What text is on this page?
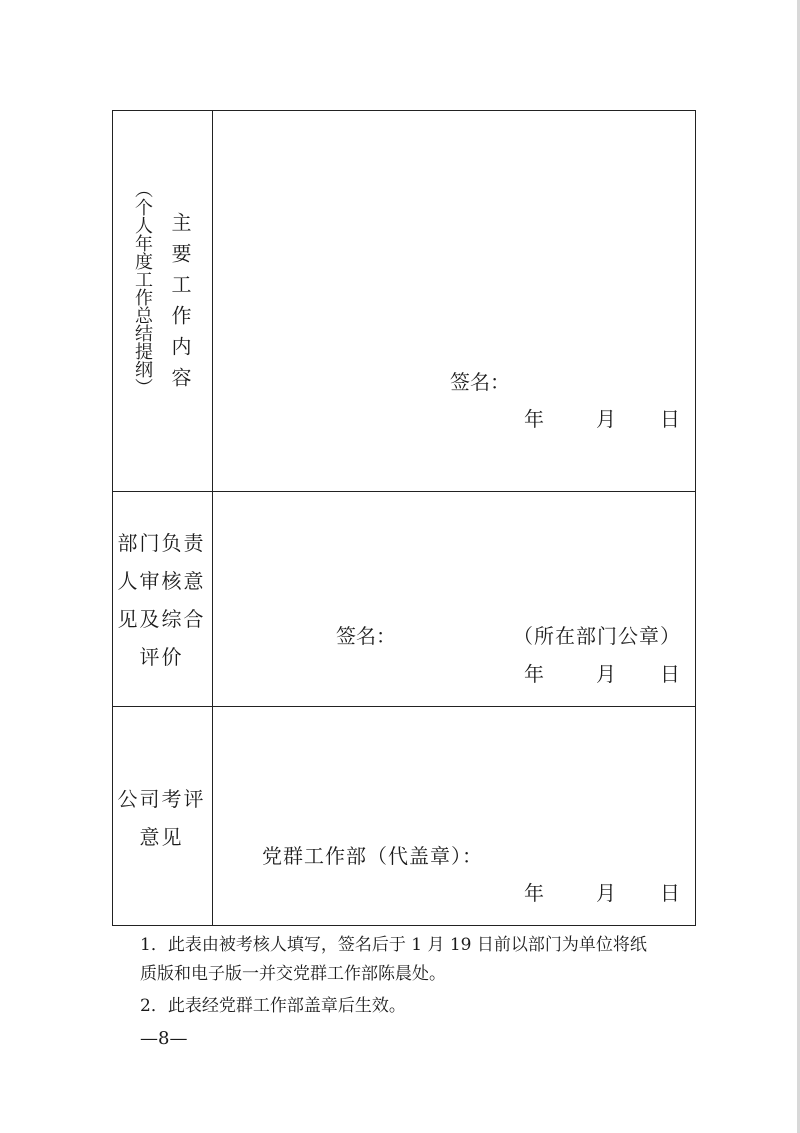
（个人年度工作总结提纲） 主要工作内容	签名：
年	月 日
部门负责
人审核意
见及综合
评价
签名：	（所在部门公章）
年	月 日
公司考评
意见
党群工作部（代盖章）：
年	月 日
1．此表由被考核人填写，签名后于 1 月 19 日前以部门为单位将纸
质版和电子版一并交党群工作部陈晨处。
2．此表经党群工作部盖章后生效。
—8—
